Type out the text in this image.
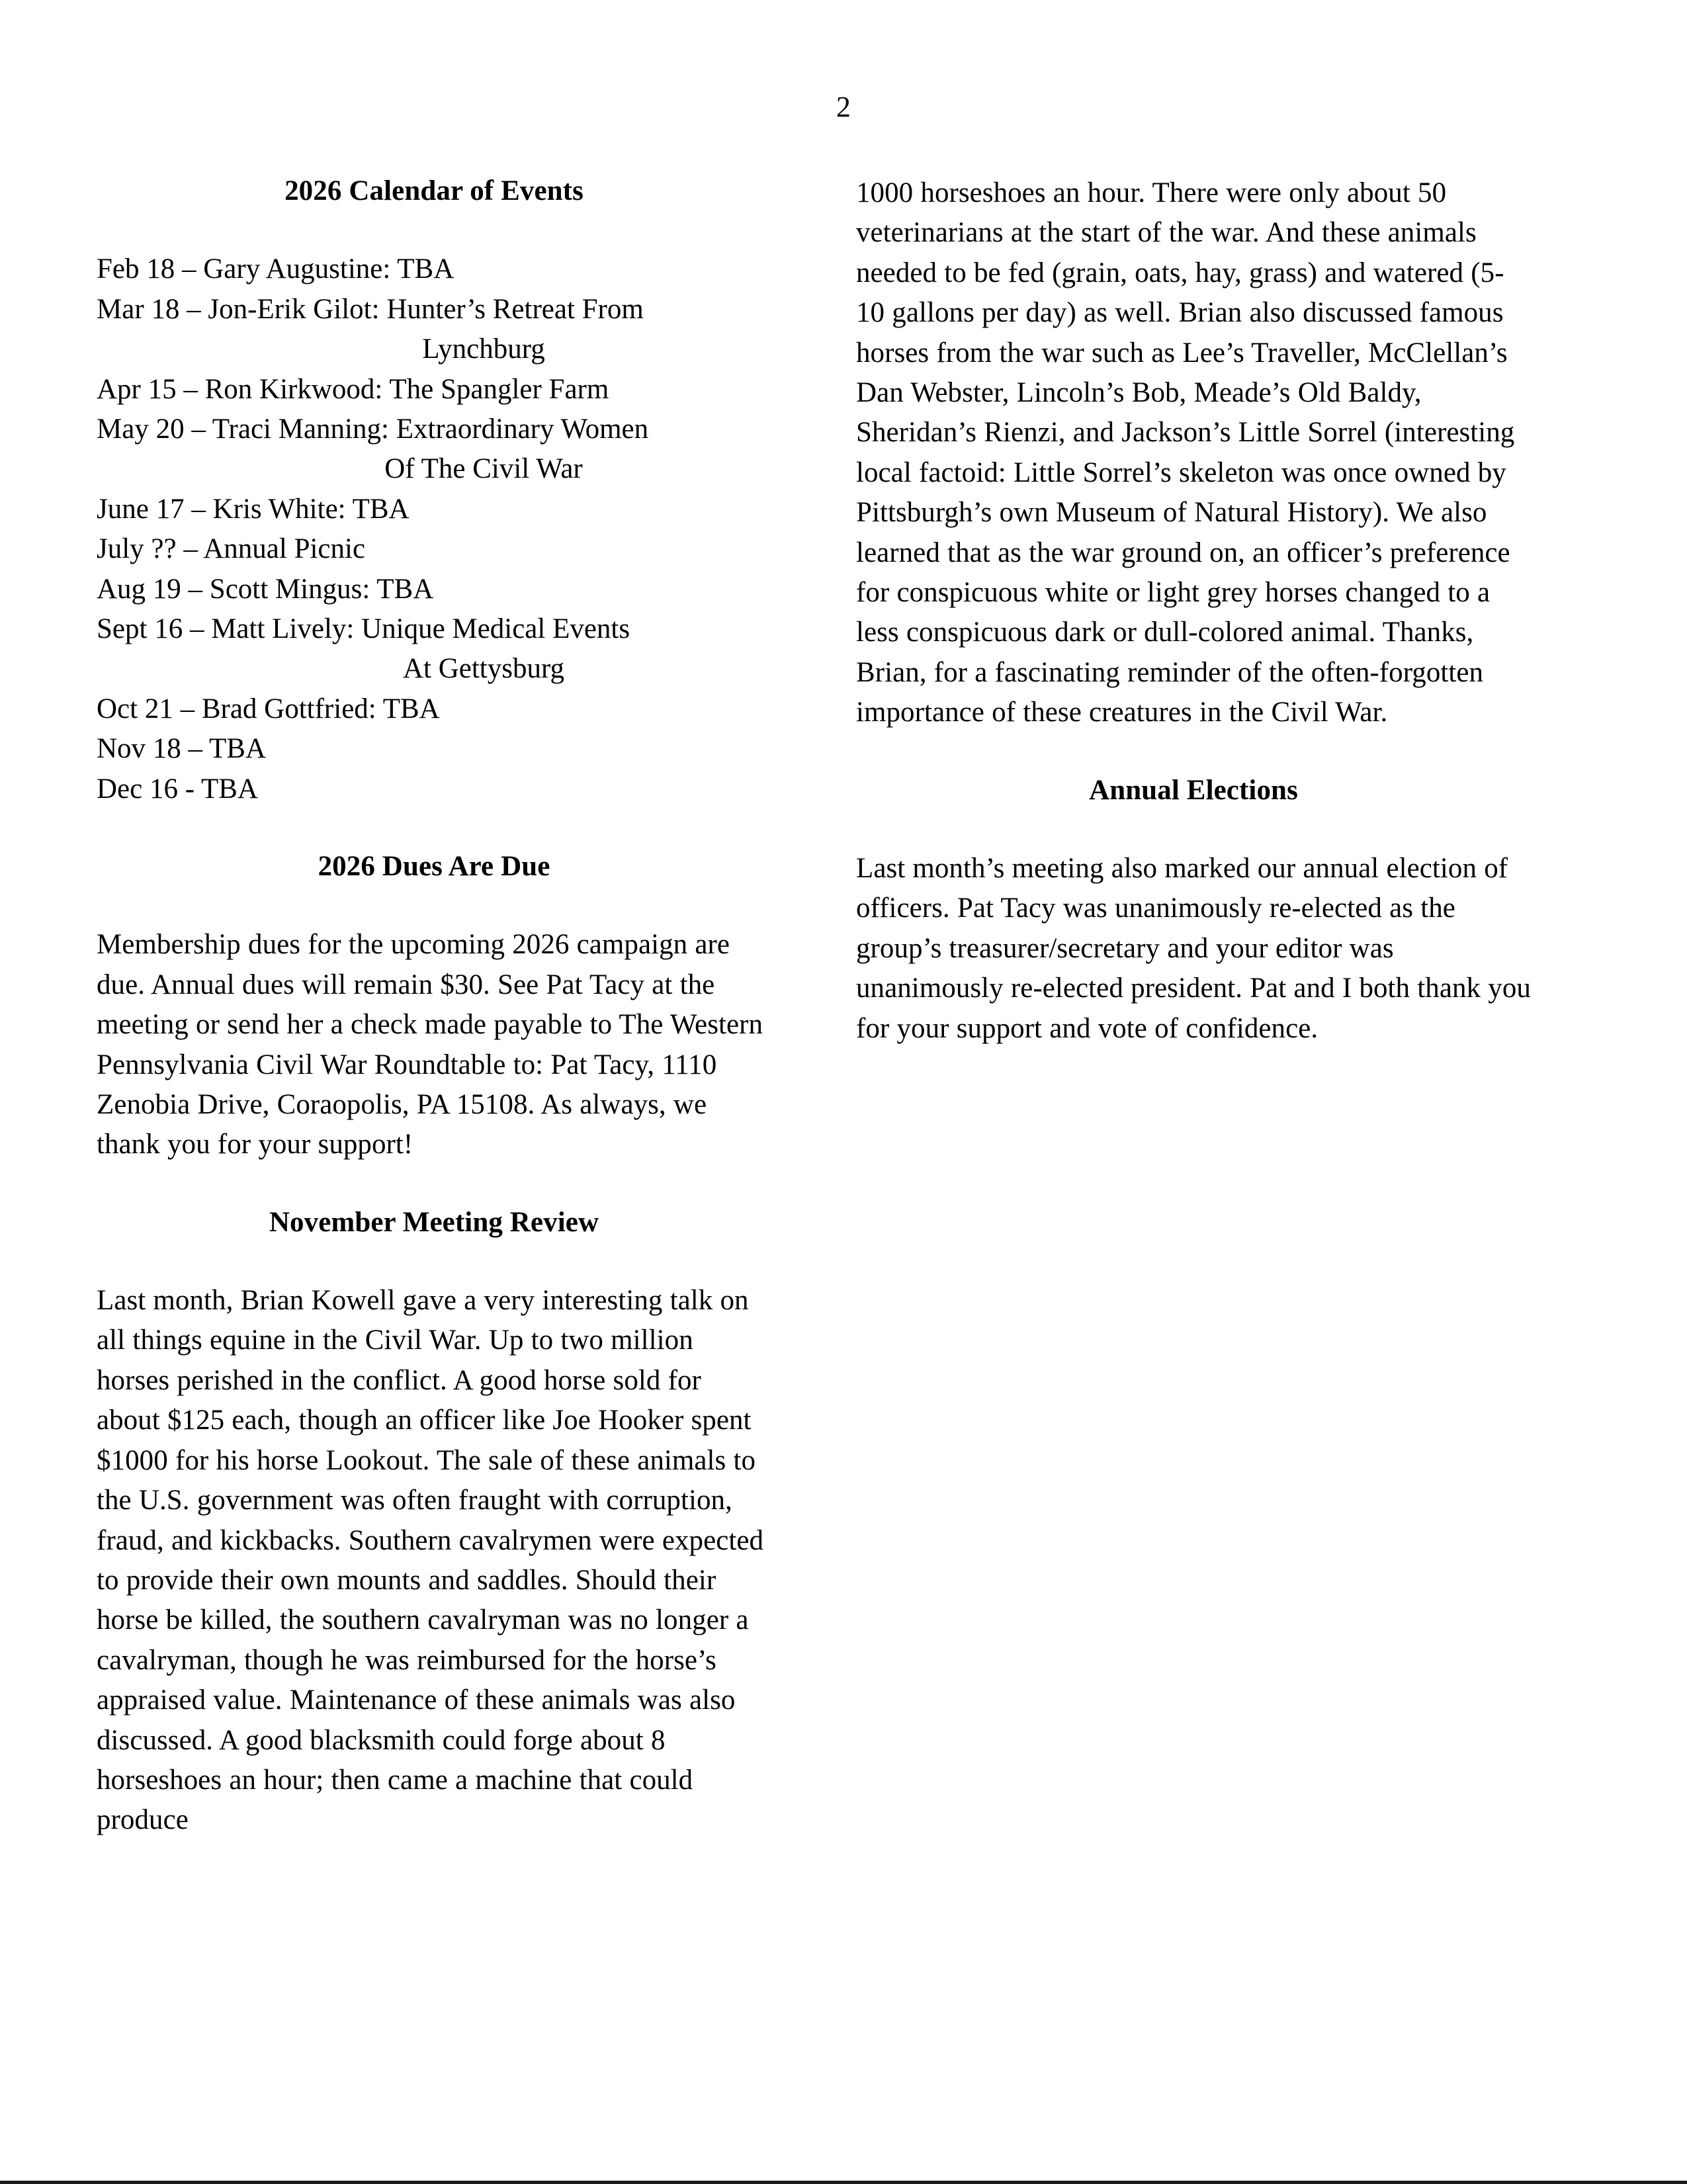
2
2026 Calendar of Events
Feb 18 – Gary Augustine: TBA
Mar 18 – Jon-Erik Gilot: Hunter’s Retreat From
Lynchburg
Apr 15 – Ron Kirkwood: The Spangler Farm
May 20 – Traci Manning: Extraordinary Women
Of The Civil War
June 17 – Kris White: TBA
July ?? – Annual Picnic
Aug 19 – Scott Mingus: TBA
Sept 16 – Matt Lively: Unique Medical Events
At Gettysburg
Oct 21 – Brad Gottfried: TBA
Nov 18 – TBA
Dec 16 - TBA
2026 Dues Are Due

Membership dues for the upcoming 2026 campaign are due. Annual dues will remain $30. See Pat Tacy at the meeting or send her a check made payable to The Western Pennsylvania Civil War Roundtable to: Pat Tacy, 1110 Zenobia Drive, Coraopolis, PA 15108. As always, we thank you for your support!

November Meeting Review

Last month, Brian Kowell gave a very interesting talk on all things equine in the Civil War. Up to two million horses perished in the conflict. A good horse sold for about $125 each, though an officer like Joe Hooker spent $1000 for his horse Lookout. The sale of these animals to the U.S. government was often fraught with corruption, fraud, and kickbacks. Southern cavalrymen were expected to provide their own mounts and saddles. Should their horse be killed, the southern cavalryman was no longer a cavalryman, though he was reimbursed for the horse’s appraised value. Maintenance of these animals was also discussed. A good blacksmith could forge about 8 horseshoes an hour; then came a machine that could produce

1000 horseshoes an hour. There were only about 50 veterinarians at the start of the war. And these animals needed to be fed (grain, oats, hay, grass) and watered (5-10 gallons per day) as well. Brian also discussed famous horses from the war such as Lee’s Traveller, McClellan’s Dan Webster, Lincoln’s Bob, Meade’s Old Baldy, Sheridan’s Rienzi, and Jackson’s Little Sorrel (interesting local factoid: Little Sorrel’s skeleton was once owned by Pittsburgh’s own Museum of Natural History). We also learned that as the war ground on, an officer’s preference for conspicuous white or light grey horses changed to a less conspicuous dark or dull-colored animal. Thanks, Brian, for a fascinating reminder of the often-forgotten importance of these creatures in the Civil War.

Annual Elections

Last month’s meeting also marked our annual election of officers. Pat Tacy was unanimously re-elected as the group’s treasurer/secretary and your editor was unanimously re-elected president. Pat and I both thank you for your support and vote of confidence.
